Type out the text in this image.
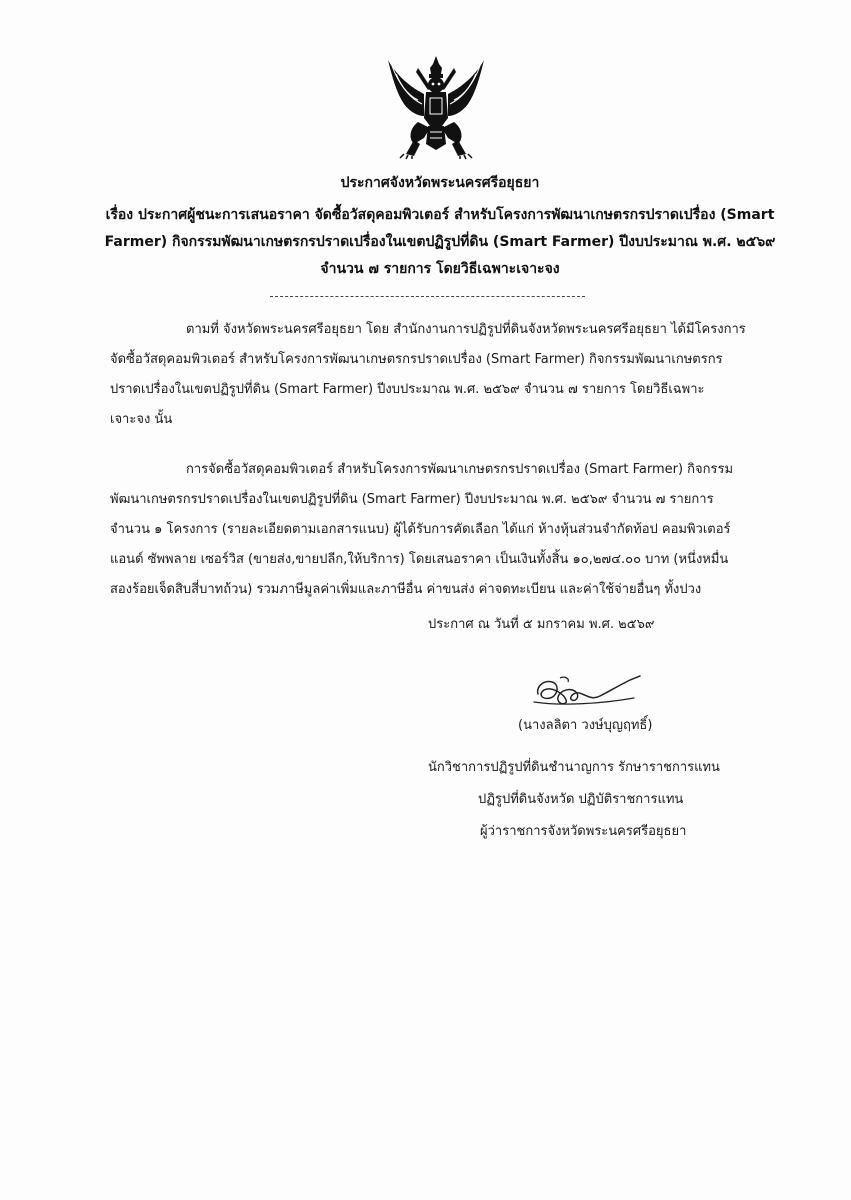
ประกาศจังหวัดพระนครศรีอยุธยา
เรื่อง ประกาศผู้ชนะการเสนอราคา จัดซื้อวัสดุคอมพิวเตอร์ สำหรับโครงการพัฒนาเกษตรกรปราดเปรื่อง (Smart
Farmer) กิจกรรมพัฒนาเกษตรกรปราดเปรื่องในเขตปฏิรูปที่ดิน (Smart Farmer) ปีงบประมาณ พ.ศ. ๒๕๖๙
จำนวน ๗ รายการ โดยวิธีเฉพาะเจาะจง
ตามที่ จังหวัดพระนครศรีอยุธยา โดย สำนักงานการปฏิรูปที่ดินจังหวัดพระนครศรีอยุธยา ได้มีโครงการ
จัดซื้อวัสดุคอมพิวเตอร์ สำหรับโครงการพัฒนาเกษตรกรปราดเปรื่อง (Smart Farmer) กิจกรรมพัฒนาเกษตรกร
ปราดเปรื่องในเขตปฏิรูปที่ดิน (Smart Farmer) ปีงบประมาณ พ.ศ. ๒๕๖๙ จำนวน ๗ รายการ โดยวิธีเฉพาะ
เจาะจง นั้น
การจัดซื้อวัสดุคอมพิวเตอร์ สำหรับโครงการพัฒนาเกษตรกรปราดเปรื่อง (Smart Farmer) กิจกรรม
พัฒนาเกษตรกรปราดเปรื่องในเขตปฏิรูปที่ดิน (Smart Farmer) ปีงบประมาณ พ.ศ. ๒๕๖๙ จำนวน ๗ รายการ
จำนวน ๑ โครงการ (รายละเอียดตามเอกสารแนบ) ผู้ได้รับการคัดเลือก ได้แก่ ห้างหุ้นส่วนจำกัดท้อป คอมพิวเตอร์
แอนด์ ซัพพลาย เซอร์วิส (ขายส่ง,ขายปลีก,ให้บริการ) โดยเสนอราคา เป็นเงินทั้งสิ้น ๑๐,๒๗๔.๐๐ บาท (หนึ่งหมื่น
สองร้อยเจ็ดสิบสี่บาทถ้วน) รวมภาษีมูลค่าเพิ่มและภาษีอื่น ค่าขนส่ง ค่าจดทะเบียน และค่าใช้จ่ายอื่นๆ ทั้งปวง
ประกาศ ณ วันที่ ๕ มกราคม พ.ศ. ๒๕๖๙
(นางลลิตา วงษ์บุญฤทธิ์)
นักวิชาการปฏิรูปที่ดินชำนาญการ รักษาราชการแทน
ปฏิรูปที่ดินจังหวัด ปฏิบัติราชการแทน
ผู้ว่าราชการจังหวัดพระนครศรีอยุธยา
